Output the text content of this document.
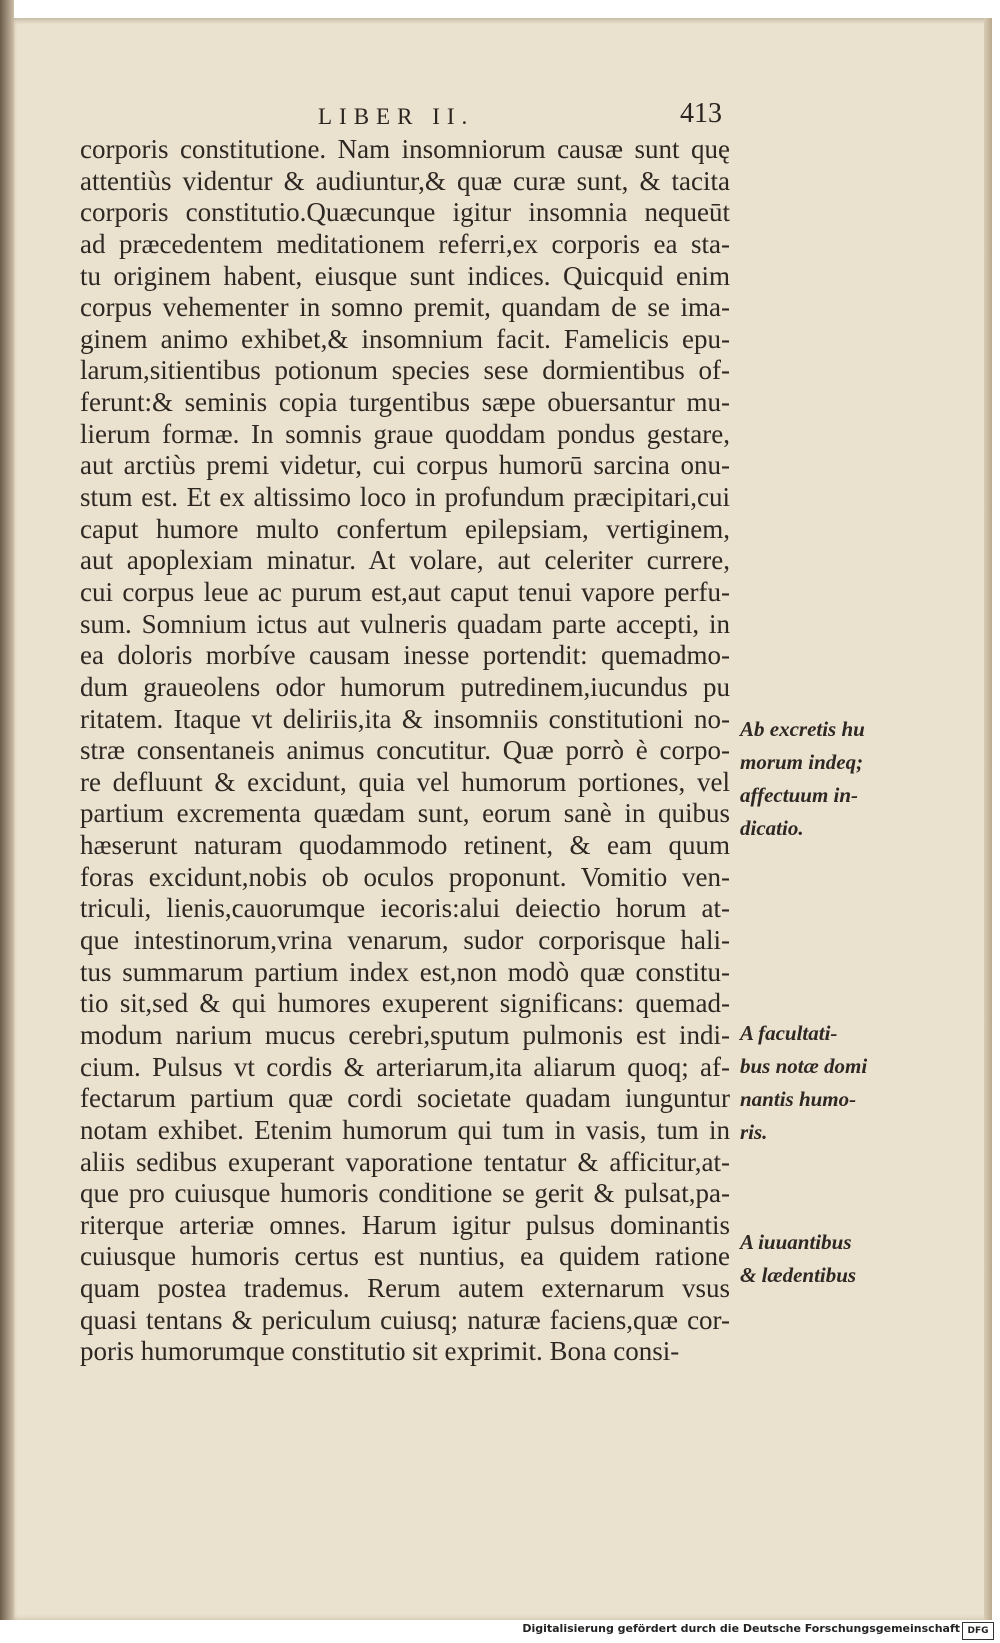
LIBER II.	413
corporis constitutione. Nam insomniorum causæ sunt quę
attentiùs videntur & audiuntur,& quæ curæ sunt, & tacita
corporis constitutio.Quæcunque igitur insomnia nequeūt
ad præcedentem meditationem referri,ex corporis ea sta-
tu originem habent, eiusque sunt indices. Quicquid enim
corpus vehementer in somno premit, quandam de se ima-
ginem animo exhibet,& insomnium facit. Famelicis epu-
larum,sitientibus potionum species sese dormientibus of-
ferunt:& seminis copia turgentibus sæpe obuersantur mu-
lierum formæ. In somnis graue quoddam pondus gestare,
aut arctiùs premi videtur, cui corpus humorū sarcina onu-
stum est. Et ex altissimo loco in profundum præcipitari,cui
caput humore multo confertum epilepsiam, vertiginem,
aut apoplexiam minatur. At volare, aut celeriter currere,
cui corpus leue ac purum est,aut caput tenui vapore perfu-
sum. Somnium ictus aut vulneris quadam parte accepti, in
ea doloris morbíve causam inesse portendit: quemadmo-
dum graueolens odor humorum putredinem,iucundus pu
ritatem. Itaque vt deliriis,ita & insomniis constitutioni no-
stræ consentaneis animus concutitur. Quæ porrò è corpo-
re defluunt & excidunt, quia vel humorum portiones, vel
partium excrementa quædam sunt, eorum sanè in quibus
hæserunt naturam quodammodo retinent, & eam quum
foras excidunt,nobis ob oculos proponunt. Vomitio ven-
triculi, lienis,cauorumque iecoris:alui deiectio horum at-
que intestinorum,vrina venarum, sudor corporisque hali-
tus summarum partium index est,non modò quæ constitu-
tio sit,sed & qui humores exuperent significans: quemad-
modum narium mucus cerebri,sputum pulmonis est indi-
cium. Pulsus vt cordis & arteriarum,ita aliarum quoq; af-
fectarum partium quæ cordi societate quadam iunguntur
notam exhibet. Etenim humorum qui tum in vasis, tum in
aliis sedibus exuperant vaporatione tentatur & afficitur,at-
que pro cuiusque humoris conditione se gerit & pulsat,pa-
riterque arteriæ omnes. Harum igitur pulsus dominantis
cuiusque humoris certus est nuntius, ea quidem ratione
quam postea trademus. Rerum autem externarum vsus
quasi tentans & periculum cuiusq; naturæ faciens,quæ cor-
poris humorumque constitutio sit exprimit. Bona consi-
Ab excretis hu
morum indeq;
affectuum in-
dicatio.
A facultati-
bus notæ domi
nantis humo-
ris.
A iuuantibus
& lædentibus
Digitalisierung gefördert durch die Deutsche Forschungsgemeinschaft DFG
